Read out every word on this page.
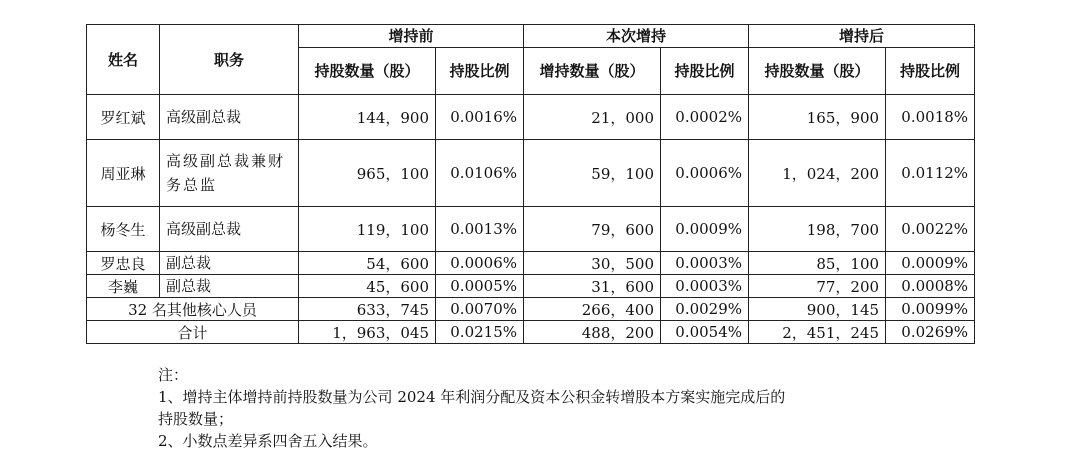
姓名	职务	增持前		本次增持		增持后	
		持股数量（股）	持股比例	增持数量（股）	持股比例	持股数量（股）	持股比例
罗红斌	高级副总裁	144，900	0.0016%	21，000	0.0002%	165，900	0.0018%
周亚琳	高级副总裁兼财务总监	965，100	0.0106%	59，100	0.0006%	1，024，200	0.0112%
杨冬生	高级副总裁	119，100	0.0013%	79，600	0.0009%	198，700	0.0022%
罗忠良	副总裁	54，600	0.0006%	30，500	0.0003%	85，100	0.0009%
李巍	副总裁	45，600	0.0005%	31，600	0.0003%	77，200	0.0008%
32 名其他核心人员		633，745	0.0070%	266，400	0.0029%	900，145	0.0099%
合计		1，963，045	0.0215%	488，200	0.0054%	2，451，245	0.0269%
注：
1、增持主体增持前持股数量为公司 2024 年利润分配及资本公积金转增股本方案实施完成后的
持股数量；
2、小数点差异系四舍五入结果。
